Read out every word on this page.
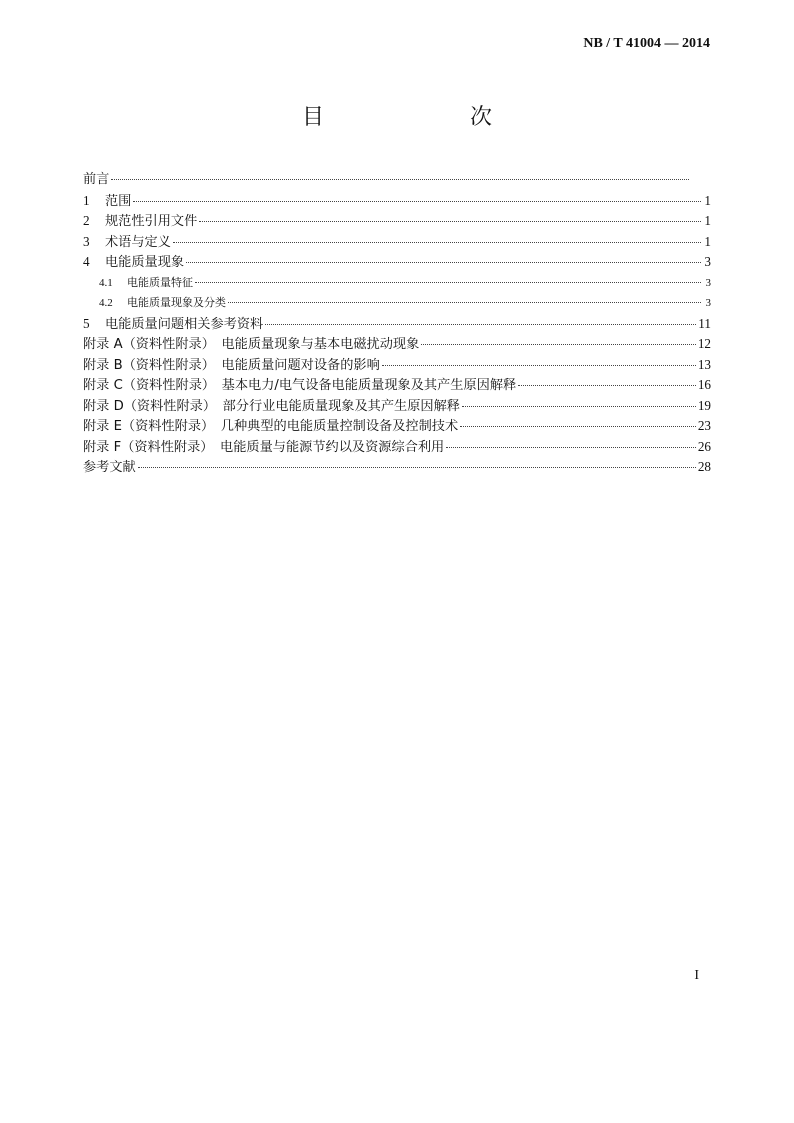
NB / T 41004 — 2014
目　　次
前言
1	范围	1
2	规范性引用文件	1
3	术语与定义	1
4	电能质量现象	3
4.1	电能质量特征	3
4.2	电能质量现象及分类	3
5	电能质量问题相关参考资料	11
附录 A（资料性附录）　电能质量现象与基本电磁扰动现象	12
附录 B（资料性附录）　电能质量问题对设备的影响	13
附录 C（资料性附录）　基本电力/电气设备电能质量现象及其产生原因解释	16
附录 D（资料性附录）　部分行业电能质量现象及其产生原因解释	19
附录 E（资料性附录）　几种典型的电能质量控制设备及控制技术	23
附录 F（资料性附录）　电能质量与能源节约以及资源综合利用	26
参考文献	28
I
